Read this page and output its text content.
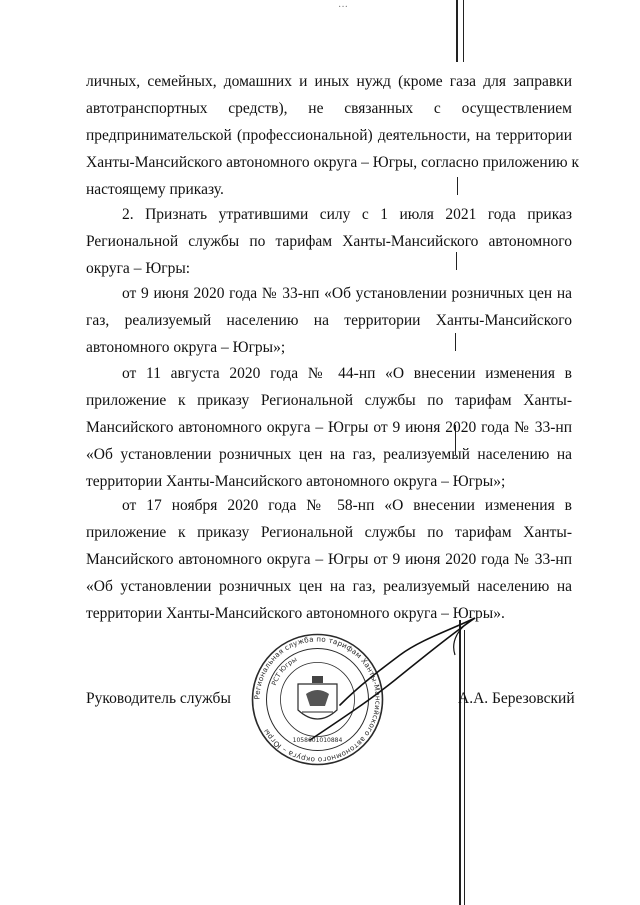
···
личных, семейных, домашних и иных нужд (кроме газа для заправки
автотранспортных средств), не связанных с осуществлением
предпринимательской (профессиональной) деятельности, на территории
Ханты-Мансийского автономного округа – Югры, согласно приложению к
настоящему приказу.
2. Признать утратившими силу с 1 июля 2021 года приказ
Региональной службы по тарифам Ханты-Мансийского автономного
округа – Югры:
от 9 июня 2020 года № 33-нп «Об установлении розничных цен на
газ, реализуемый населению на территории Ханты-Мансийского
автономного округа – Югры»;
от 11 августа 2020 года № 44-нп «О внесении изменения в
приложение к приказу Региональной службы по тарифам Ханты-
Мансийского автономного округа – Югры от 9 июня 2020 года № 33-нп
«Об установлении розничных цен на газ, реализуемый населению на
территории Ханты-Мансийского автономного округа – Югры»;
от 17 ноября 2020 года № 58-нп «О внесении изменения в
приложение к приказу Региональной службы по тарифам Ханты-
Мансийского автономного округа – Югры от 9 июня 2020 года № 33-нп
«Об установлении розничных цен на газ, реализуемый населению на
территории Ханты-Мансийского автономного округа – Югры».
Руководитель службы	А.А. Березовский
Региональная служба по тарифам Ханты-Мансийского автономного округа – Югры
РСТ Югры
1058601010884
